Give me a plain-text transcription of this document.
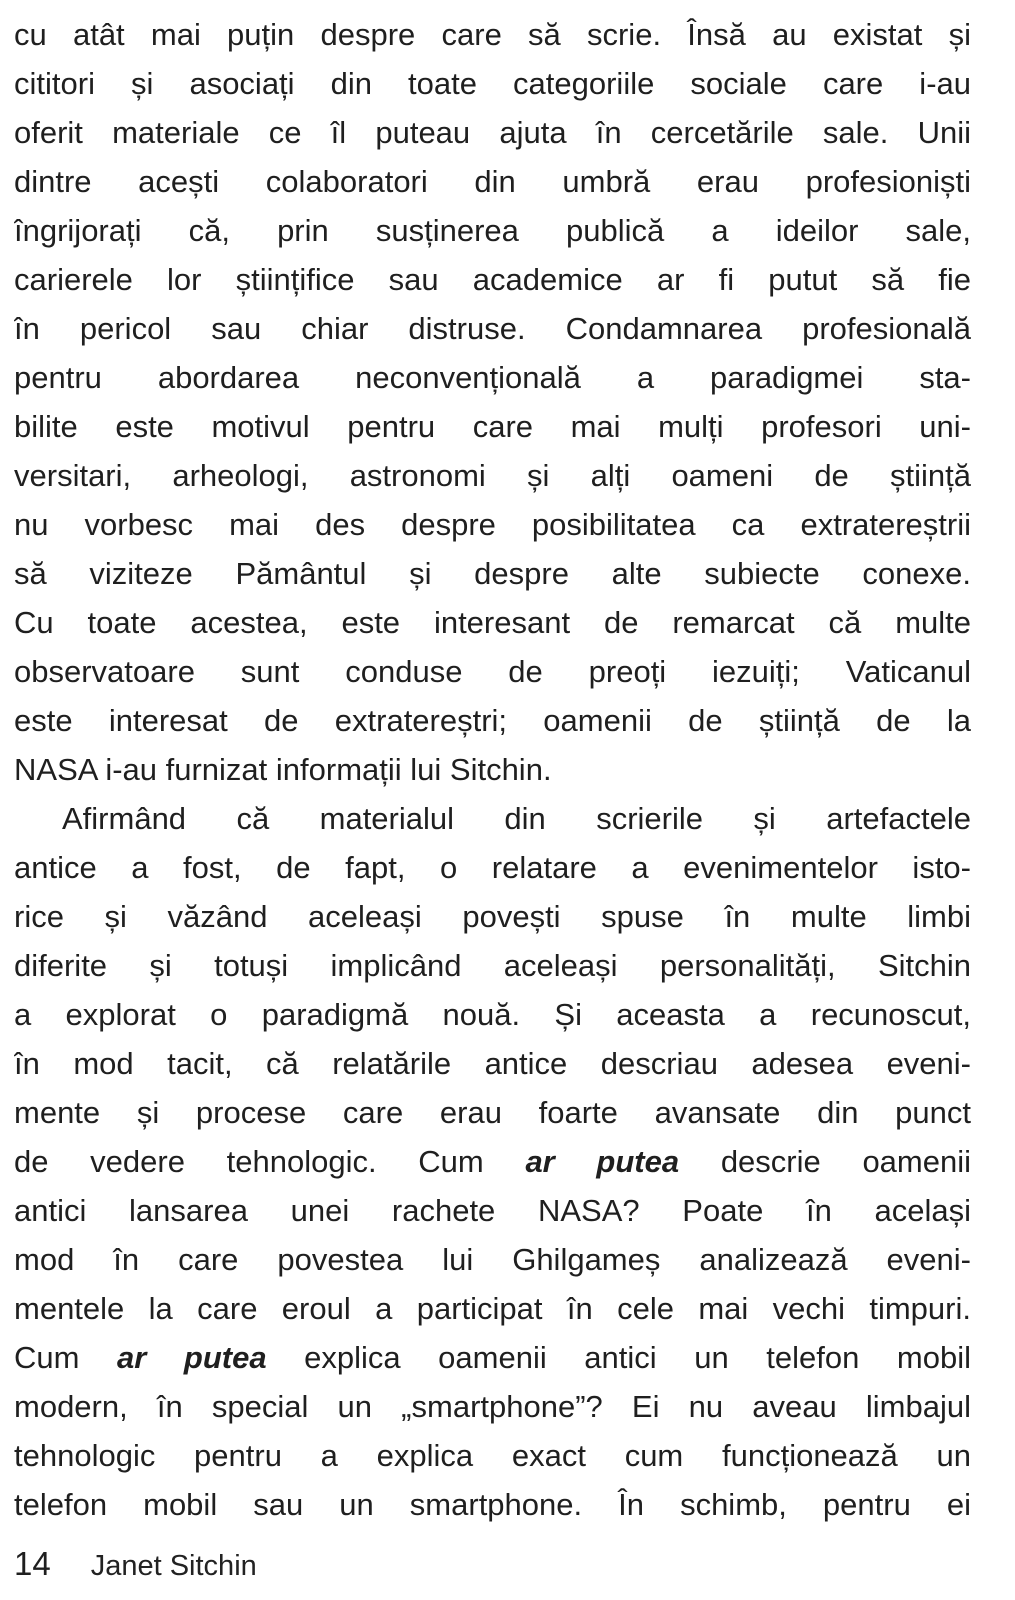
cu atât mai puțin despre care să scrie. Însă au existat și
cititori și asociați din toate categoriile sociale care i-au
oferit materiale ce îl puteau ajuta în cercetările sale. Unii
dintre acești colaboratori din umbră erau profesioniști
îngrijorați că, prin susținerea publică a ideilor sale,
carierele lor științifice sau academice ar fi putut să fie
în pericol sau chiar distruse. Condamnarea profesională
pentru abordarea neconvențională a paradigmei sta-
bilite este motivul pentru care mai mulți profesori uni-
versitari, arheologi, astronomi și alți oameni de știință
nu vorbesc mai des despre posibilitatea ca extratereștrii
să viziteze Pământul și despre alte subiecte conexe.
Cu toate acestea, este interesant de remarcat că multe
observatoare sunt conduse de preoți iezuiți; Vaticanul
este interesat de extratereștri; oamenii de știință de la
NASA i-au furnizat informații lui Sitchin.
Afirmând că materialul din scrierile și artefactele
antice a fost, de fapt, o relatare a evenimentelor isto-
rice și văzând aceleași povești spuse în multe limbi
diferite și totuși implicând aceleași personalități, Sitchin
a explorat o paradigmă nouă. Și aceasta a recunoscut,
în mod tacit, că relatările antice descriau adesea eveni-
mente și procese care erau foarte avansate din punct
de vedere tehnologic. Cum ar putea descrie oamenii
antici lansarea unei rachete NASA? Poate în același
mod în care povestea lui Ghilgameș analizează eveni-
mentele la care eroul a participat în cele mai vechi timpuri.
Cum ar putea explica oamenii antici un telefon mobil
modern, în special un „smartphone”? Ei nu aveau limbajul
tehnologic pentru a explica exact cum funcționează un
telefon mobil sau un smartphone. În schimb, pentru ei
14 Janet Sitchin
